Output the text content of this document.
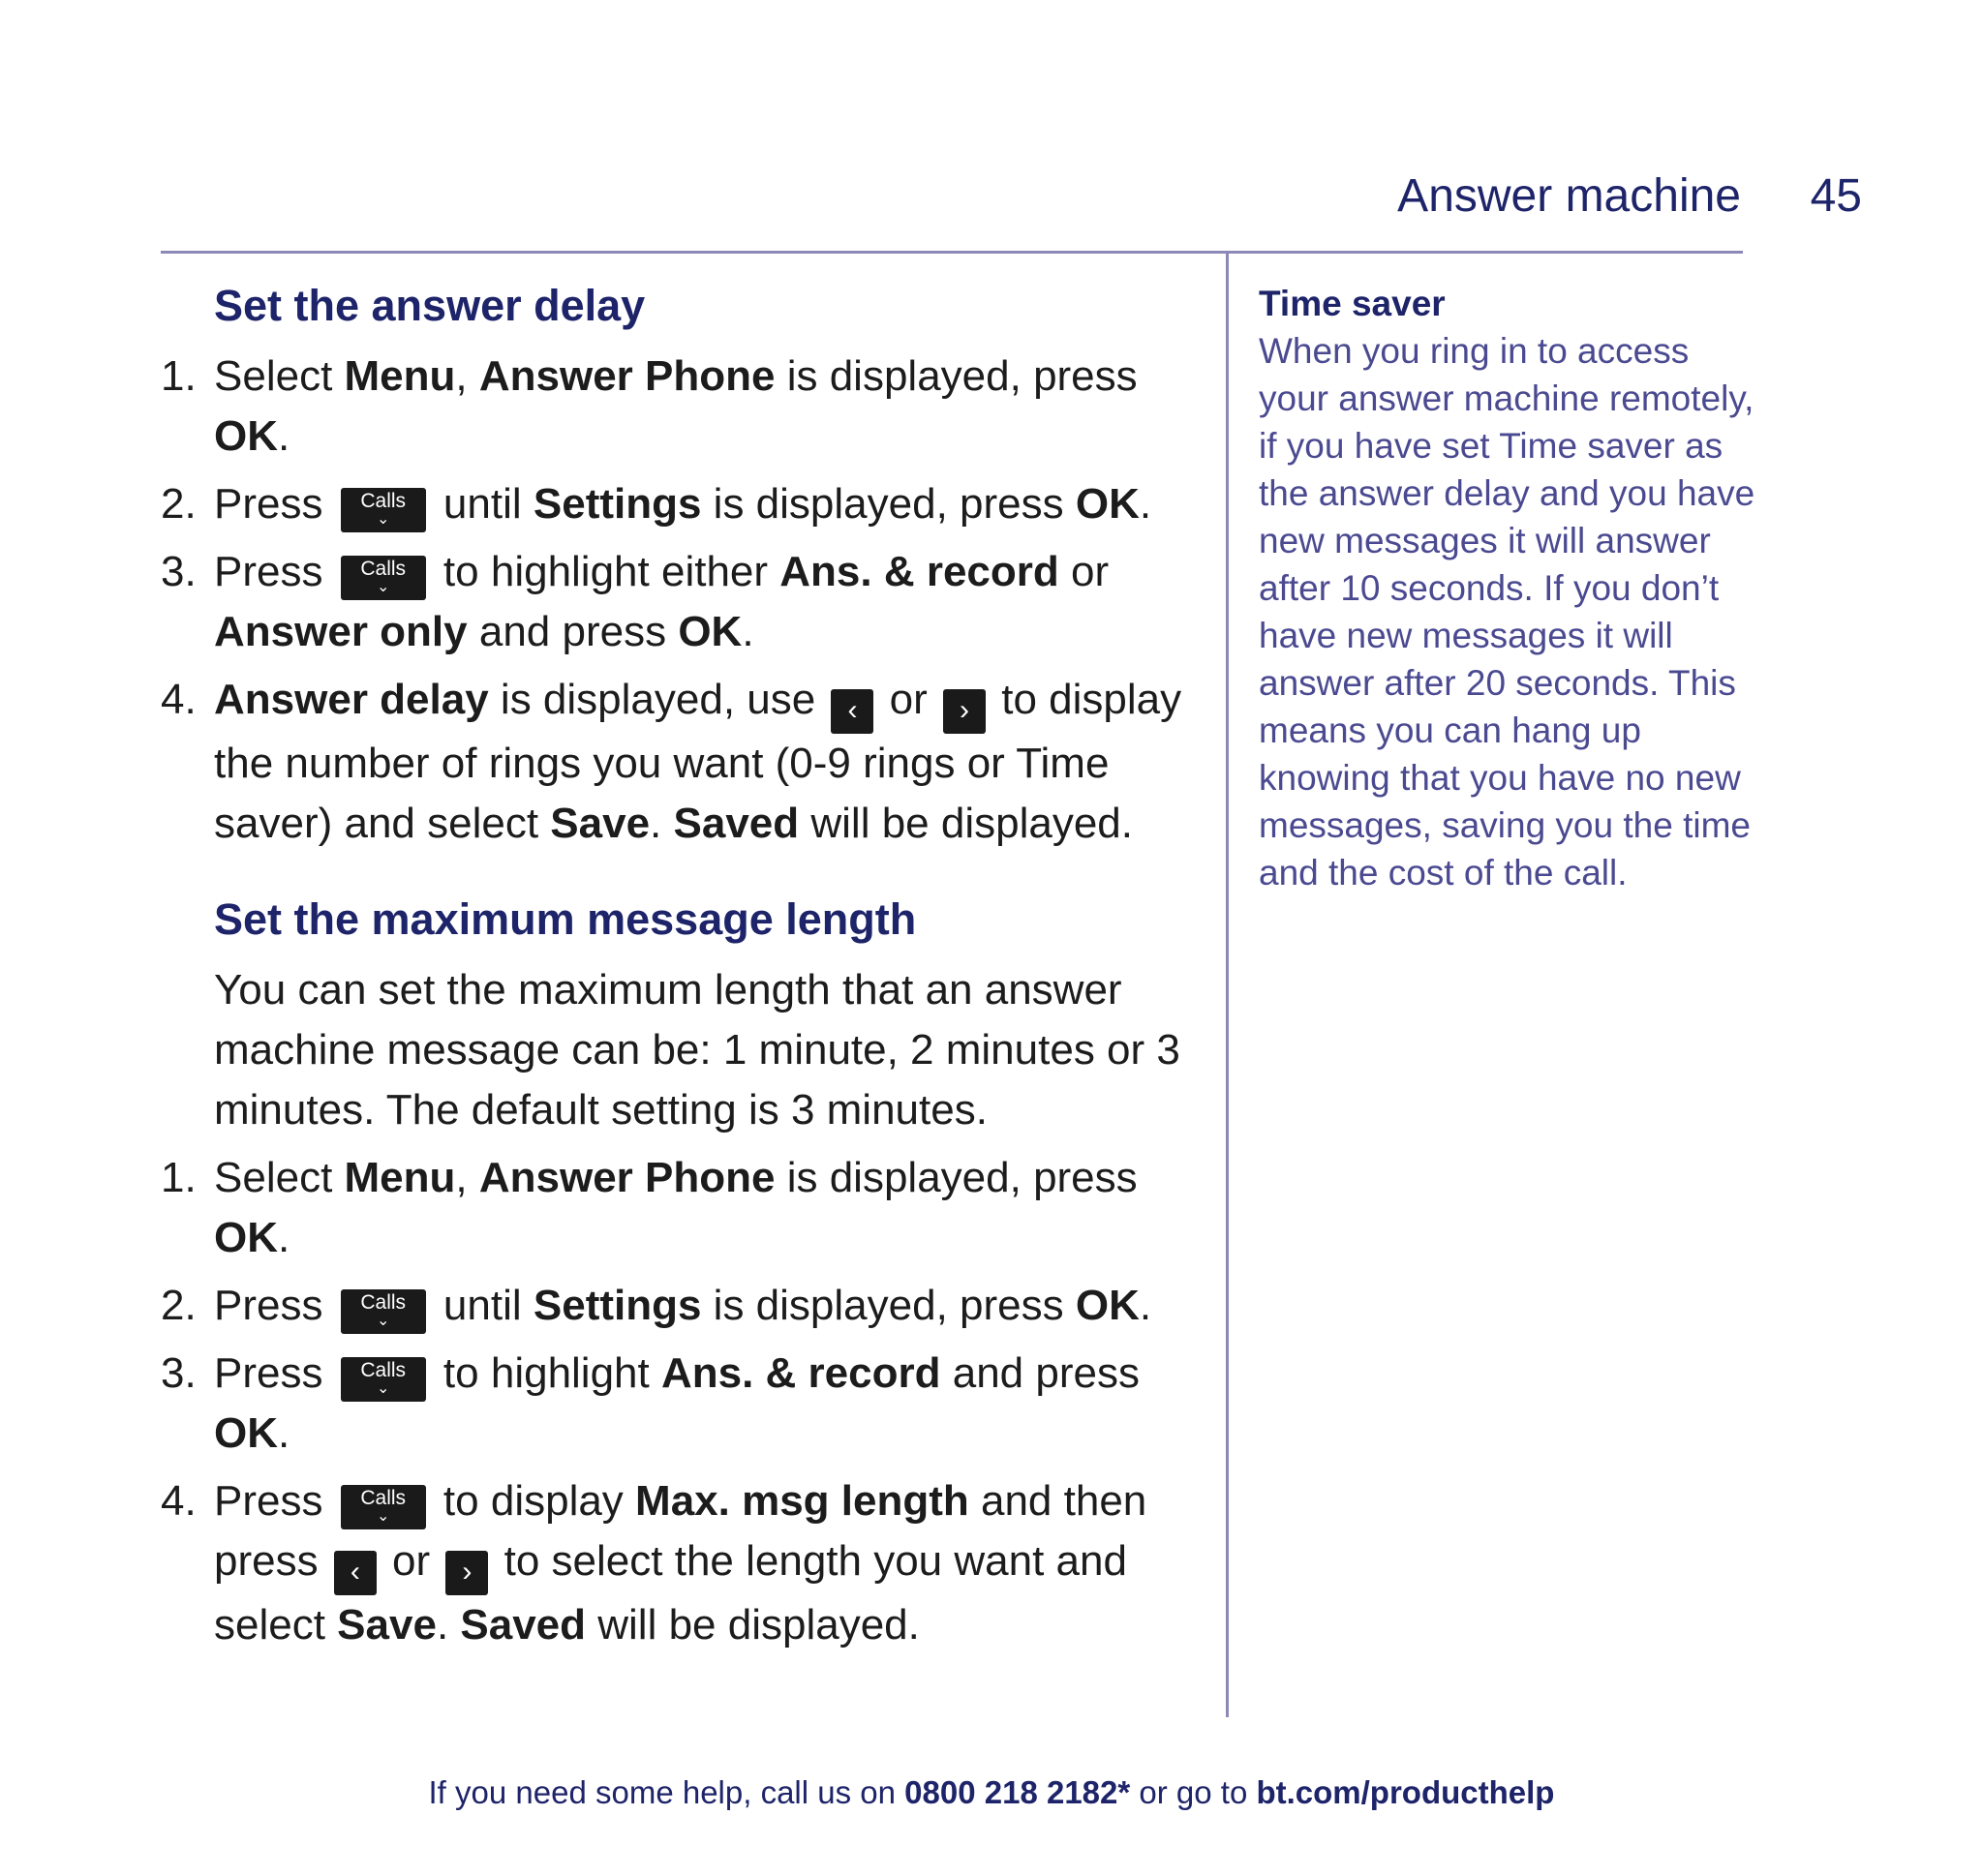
Answer machine 45
Set the answer delay
1. Select Menu, Answer Phone is displayed, press OK.
2. Press	Calls
⌄ until Settings is displayed, press OK.
3. Press	Calls
⌄ to highlight either Ans. & record or Answer only and press OK.
4. Answer delay is displayed, use ‹ or › to display the number of rings you want (0-9 rings or Time saver) and select Save. Saved will be displayed.
Set the maximum message length

You can set the maximum length that an answer machine message can be: 1 minute, 2 minutes or 3 minutes. The default setting is 3 minutes.

1. Select Menu, Answer Phone is displayed, press OK.
2. Press	Calls
⌄ until Settings is displayed, press OK.
3. Press	Calls
⌄ to highlight Ans. & record and press OK.
4. Press	Calls
⌄ to display Max. msg length and then press ‹ or › to select the length you want and select Save. Saved will be displayed.
Time saver
When you ring in to access your answer machine remotely, if you have set Time saver as the answer delay and you have new messages it will answer after 10 seconds. If you don’t have new messages it will answer after 20 seconds. This means you can hang up knowing that you have no new messages, saving you the time and the cost of the call.
If you need some help, call us on 0800 218 2182* or go to bt.com/producthelp
